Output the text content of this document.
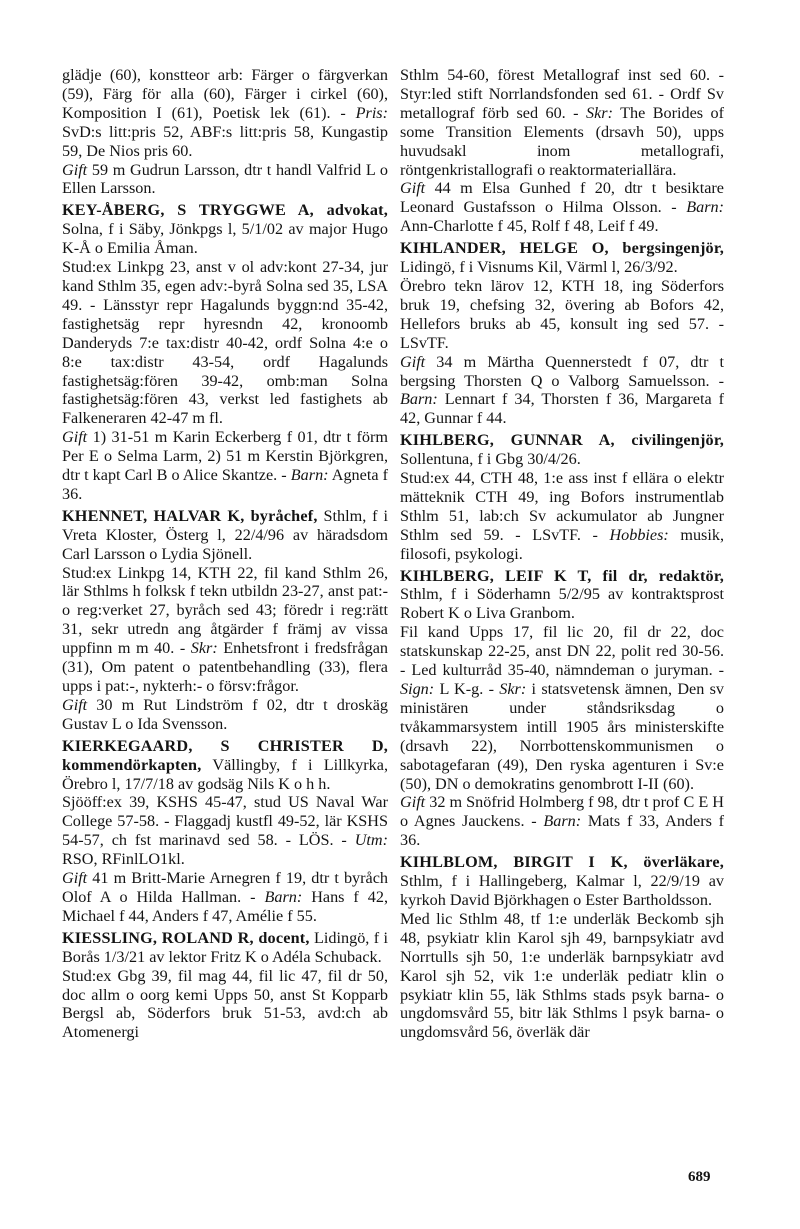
glädje (60), konstteor arb: Färger o färgverkan (59), Färg för alla (60), Färger i cirkel (60), Komposition I (61), Poetisk lek (61). - Pris: SvD:s litt:pris 52, ABF:s litt:pris 58, Kungastip 59, De Nios pris 60.

Gift 59 m Gudrun Larsson, dtr t handl Valfrid L o Ellen Larsson.

KEY-ÅBERG, S TRYGGWE A, advokat, Solna, f i Säby, Jönkpgs l, 5/1/02 av major Hugo K-Å o Emilia Åman.

Stud:ex Linkpg 23, anst v ol adv:kont 27-34, jur kand Sthlm 35, egen adv:-byrå Solna sed 35, LSA 49. - Länsstyr repr Hagalunds byggn:nd 35-42, fastighetsäg repr hyresndn 42, kronoomb Danderyds 7:e tax:distr 40-42, ordf Solna 4:e o 8:e tax:distr 43-54, ordf Hagalunds fastighetsäg:fören 39-42, omb:man Solna fastighetsäg:fören 43, verkst led fastighets ab Falkeneraren 42-47 m fl.

Gift 1) 31-51 m Karin Eckerberg f 01, dtr t förm Per E o Selma Larm, 2) 51 m Kerstin Björkgren, dtr t kapt Carl B o Alice Skantze. - Barn: Agneta f 36.

KHENNET, HALVAR K, byråchef, Sthlm, f i Vreta Kloster, Österg l, 22/4/96 av häradsdom Carl Larsson o Lydia Sjönell.

Stud:ex Linkpg 14, KTH 22, fil kand Sthlm 26, lär Sthlms h folksk f tekn utbildn 23-27, anst pat:- o reg:verket 27, byråch sed 43; föredr i reg:rätt 31, sekr utredn ang åtgärder f främj av vissa uppfinn m m 40. - Skr: Enhetsfront i fredsfrågan (31), Om patent o patentbehandling (33), flera upps i pat:-, nykterh:- o försv:frågor.

Gift 30 m Rut Lindström f 02, dtr t droskäg Gustav L o Ida Svensson.

KIERKEGAARD, S CHRISTER D, kommendörkapten, Vällingby, f i Lillkyrka, Örebro l, 17/7/18 av godsäg Nils K o h h.

Sjööff:ex 39, KSHS 45-47, stud US Naval War College 57-58. - Flaggadj kustfl 49-52, lär KSHS 54-57, ch fst marinavd sed 58. - LÖS. - Utm: RSO, RFinlLO1kl.

Gift 41 m Britt-Marie Arnegren f 19, dtr t byråch Olof A o Hilda Hallman. - Barn: Hans f 42, Michael f 44, Anders f 47, Amélie f 55.

KIESSLING, ROLAND R, docent, Lidingö, f i Borås 1/3/21 av lektor Fritz K o Adéla Schuback.

Stud:ex Gbg 39, fil mag 44, fil lic 47, fil dr 50, doc allm o oorg kemi Upps 50, anst St Kopparb Bergsl ab, Söderfors bruk 51-53, avd:ch ab Atomenergi

Sthlm 54-60, förest Metallograf inst sed 60. - Styr:led stift Norrlandsfonden sed 61. - Ordf Sv metallograf förb sed 60. - Skr: The Borides of some Transition Elements (drsavh 50), upps huvudsakl inom metallografi, röntgenkristallografi o reaktormateriallära.

Gift 44 m Elsa Gunhed f 20, dtr t besiktare Leonard Gustafsson o Hilma Olsson. - Barn: Ann-Charlotte f 45, Rolf f 48, Leif f 49.

KIHLANDER, HELGE O, bergsingenjör, Lidingö, f i Visnums Kil, Värml l, 26/3/92.

Örebro tekn lärov 12, KTH 18, ing Söderfors bruk 19, chefsing 32, övering ab Bofors 42, Hellefors bruks ab 45, konsult ing sed 57. - LSvTF.

Gift 34 m Märtha Quennerstedt f 07, dtr t bergsing Thorsten Q o Valborg Samuelsson. - Barn: Lennart f 34, Thorsten f 36, Margareta f 42, Gunnar f 44.

KIHLBERG, GUNNAR A, civilingenjör, Sollentuna, f i Gbg 30/4/26.

Stud:ex 44, CTH 48, 1:e ass inst f ellära o elektr mätteknik CTH 49, ing Bofors instrumentlab Sthlm 51, lab:ch Sv ackumulator ab Jungner Sthlm sed 59. - LSvTF. - Hobbies: musik, filosofi, psykologi.

KIHLBERG, LEIF K T, fil dr, redaktör, Sthlm, f i Söderhamn 5/2/95 av kontraktsprost Robert K o Liva Granbom.

Fil kand Upps 17, fil lic 20, fil dr 22, doc statskunskap 22-25, anst DN 22, polit red 30-56. - Led kulturråd 35-40, nämndeman o juryman. - Sign: L K-g. - Skr: i statsvetensk ämnen, Den sv ministären under ståndsriksdag o tvåkammarsystem intill 1905 års ministerskifte (drsavh 22), Norrbottenskommunismen o sabotagefaran (49), Den ryska agenturen i Sv:e (50), DN o demokratins genombrott I-II (60).

Gift 32 m Snöfrid Holmberg f 98, dtr t prof C E H o Agnes Jauckens. - Barn: Mats f 33, Anders f 36.

KIHLBLOM, BIRGIT I K, överläkare, Sthlm, f i Hallingeberg, Kalmar l, 22/9/19 av kyrkoh David Björkhagen o Ester Bartholdsson.

Med lic Sthlm 48, tf 1:e underläk Beckomb sjh 48, psykiatr klin Karol sjh 49, barnpsykiatr avd Norrtulls sjh 50, 1:e underläk barnpsykiatr avd Karol sjh 52, vik 1:e underläk pediatr klin o psykiatr klin 55, läk Sthlms stads psyk barna- o ungdomsvård 55, bitr läk Sthlms l psyk barna- o ungdomsvård 56, överläk där

689
